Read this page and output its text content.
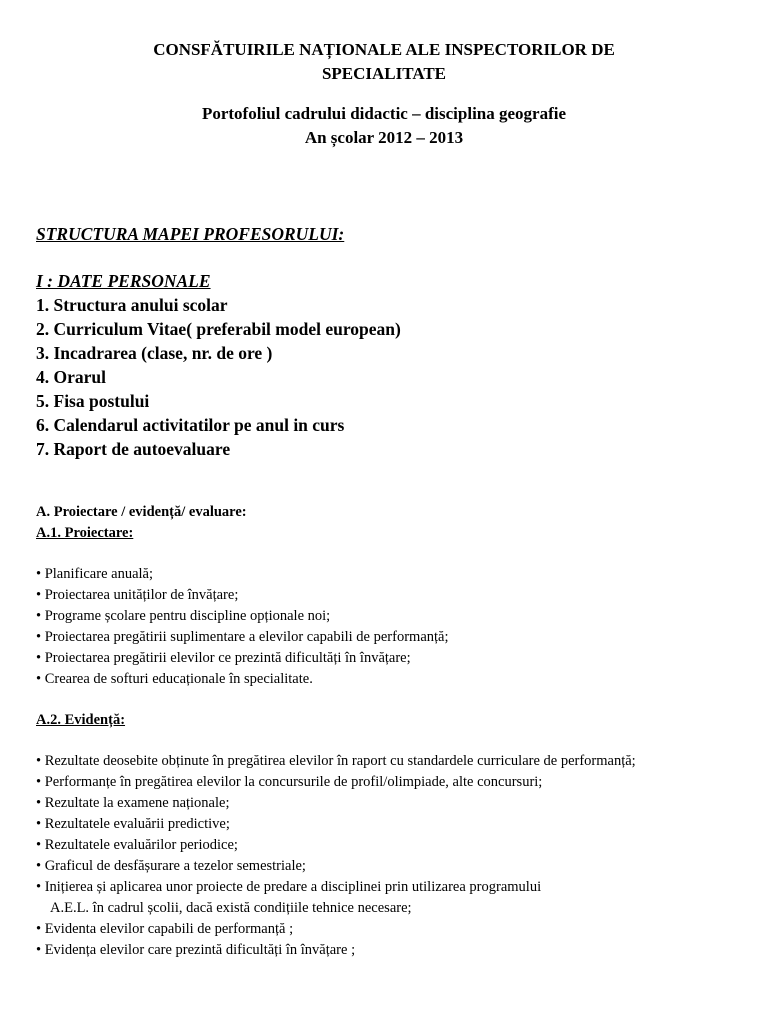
CONSFĂTUIRILE NAȚIONALE ALE INSPECTORILOR DE
SPECIALITATE
Portofoliul cadrului didactic – disciplina geografie
An școlar 2012 – 2013
STRUCTURA MAPEI PROFESORULUI:
I : DATE PERSONALE
1. Structura anului scolar
2. Curriculum Vitae( preferabil model european)
3. Incadrarea (clase, nr. de ore )
4. Orarul
5. Fisa postului
6. Calendarul activitatilor pe anul in curs
7. Raport de autoevaluare
A. Proiectare / evidență/ evaluare:
A.1. Proiectare:
• Planificare anuală;
• Proiectarea unităților de învățare;
• Programe școlare pentru discipline opționale noi;
• Proiectarea pregătirii suplimentare a elevilor capabili de performanță;
• Proiectarea pregătirii elevilor ce prezintă dificultăți în învățare;
• Crearea de softuri educaționale în specialitate.
A.2. Evidență:
• Rezultate deosebite obținute în pregătirea elevilor în raport cu standardele curriculare de performanță;
• Performanțe în pregătirea elevilor la concursurile de profil/olimpiade, alte concursuri;
• Rezultate la examene naționale;
• Rezultatele evaluării predictive;
• Rezultatele evaluărilor periodice;
• Graficul de desfășurare a tezelor semestriale;
• Inițierea și aplicarea unor proiecte de predare a disciplinei prin utilizarea programului
A.E.L. în cadrul școlii, dacă există condițiile tehnice necesare;
• Evidenta elevilor capabili de performanță ;
• Evidența elevilor care prezintă dificultăți în învățare ;
